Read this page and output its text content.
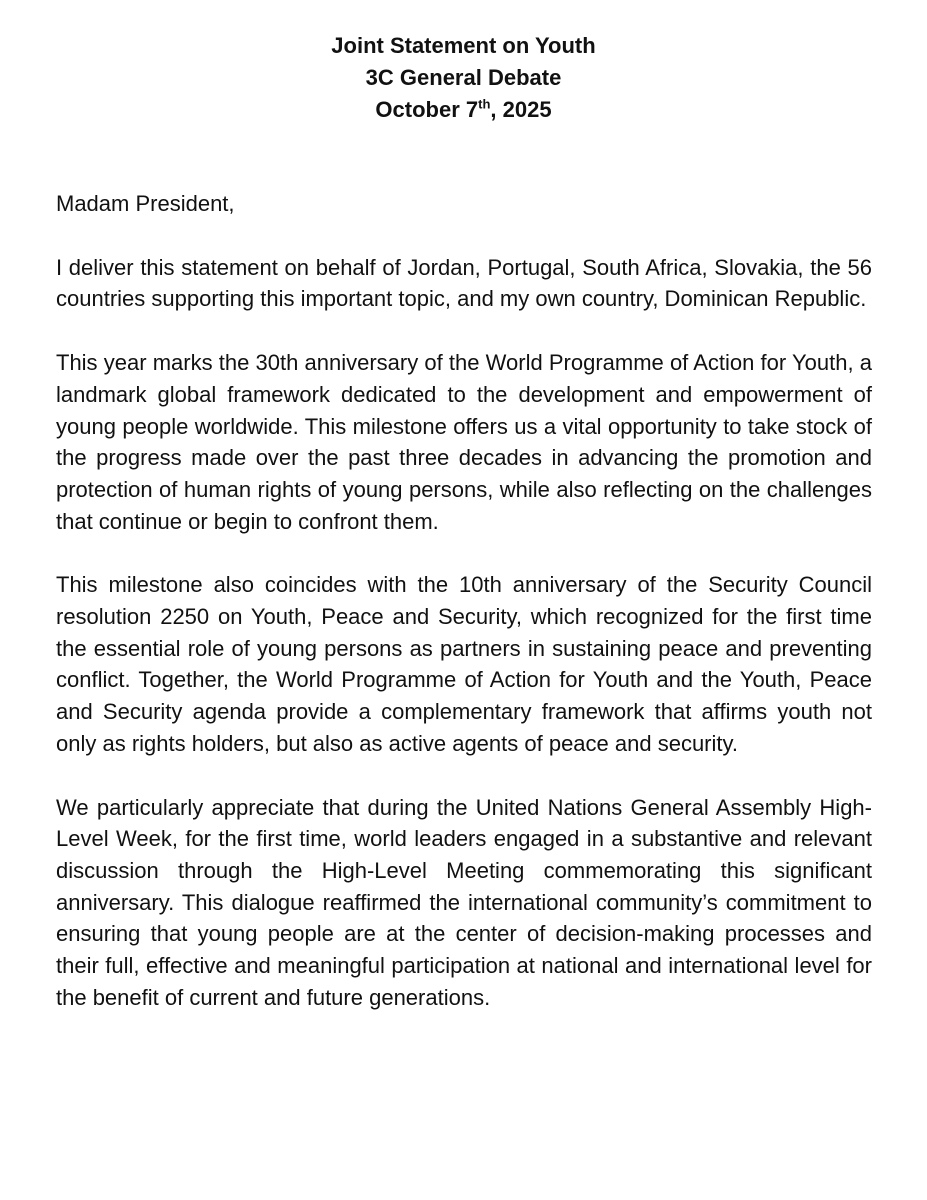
Joint Statement on Youth
3C General Debate
October 7th, 2025

Madam President,

I deliver this statement on behalf of Jordan, Portugal, South Africa, Slovakia, the 56 countries supporting this important topic, and my own country, Dominican Republic.

This year marks the 30th anniversary of the World Programme of Action for Youth, a landmark global framework dedicated to the development and empowerment of young people worldwide. This milestone offers us a vital opportunity to take stock of the progress made over the past three decades in advancing the promotion and protection of human rights of young persons, while also reflecting on the challenges that continue or begin to confront them.

This milestone also coincides with the 10th anniversary of the Security Council resolution 2250 on Youth, Peace and Security, which recognized for the first time the essential role of young persons as partners in sustaining peace and preventing conflict. Together, the World Programme of Action for Youth and the Youth, Peace and Security agenda provide a complementary framework that affirms youth not only as rights holders, but also as active agents of peace and security.

We particularly appreciate that during the United Nations General Assembly High-Level Week, for the first time, world leaders engaged in a substantive and relevant discussion through the High-Level Meeting commemorating this significant anniversary. This dialogue reaffirmed the international community’s commitment to ensuring that young people are at the center of decision-making processes and their full, effective and meaningful participation at national and international level for the benefit of current and future generations.
